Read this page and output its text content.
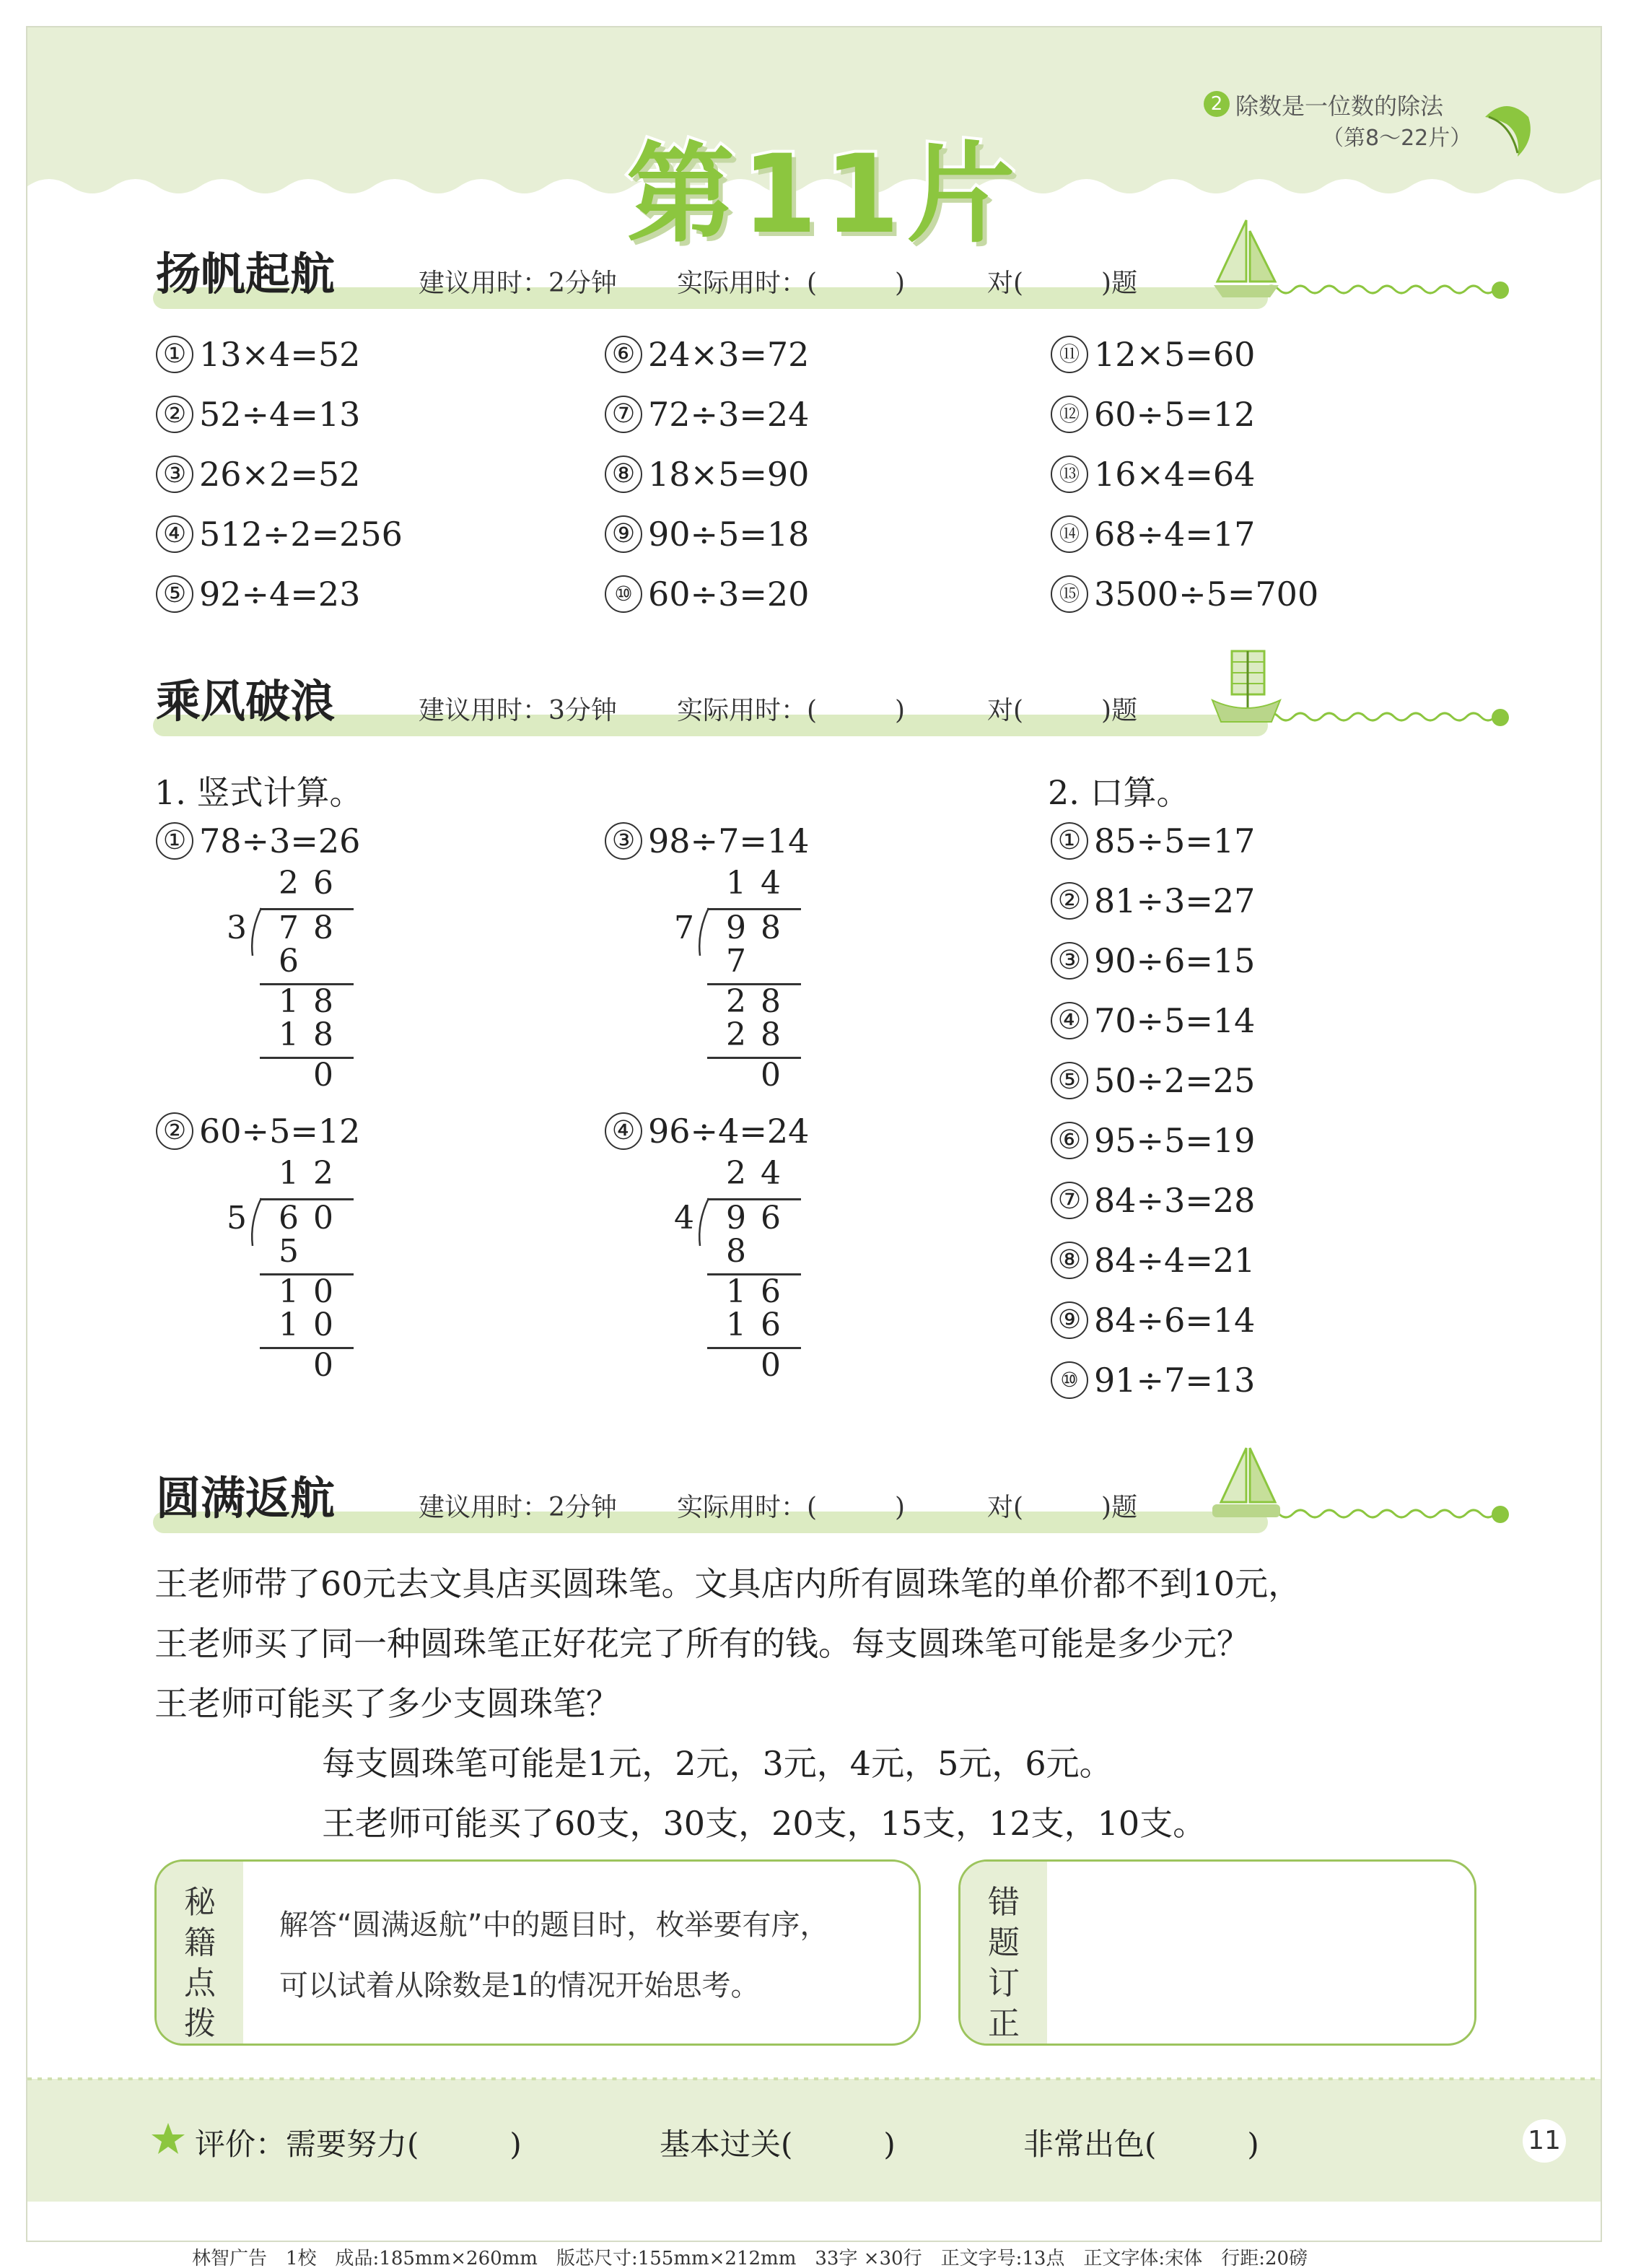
第11片
2 除数是一位数的除法
（第8～22片）
扬帆起航	建议用时：2分钟 实际用时：(　　　)	对(　　　)题
① 13×4=52
② 52÷4=13
③ 26×2=52
④ 512÷2=256
⑤ 92÷4=23
⑥ 24×3=72
⑦ 72÷3=24
⑧ 18×5=90
⑨ 90÷5=18
⑩ 60÷3=20
⑪ 12×5=60
⑫ 60÷5=12
⑬ 16×4=64
⑭ 68÷4=17
⑮ 3500÷5=700
乘风破浪	建议用时：3分钟 实际用时：(　　　)	对(　　　)题
1. 竖式计算。	2. 口算。
① 78÷3=26	③ 98÷7=14
② 60÷5=12	④ 96÷4=24
2 6
3 7 8
6
1 8
1 8
0
1 4
7 9 8
7
2 8
2 8
0
1 2
5 6 0
5
1 0
1 0
0
2 4
4 9 6
8
1 6
1 6
0
① 85÷5=17
② 81÷3=27
③ 90÷6=15
④ 70÷5=14
⑤ 50÷2=25
⑥ 95÷5=19
⑦ 84÷3=28
⑧ 84÷4=21
⑨ 84÷6=14
⑩ 91÷7=13
圆满返航	建议用时：2分钟 实际用时：(　　　)	对(　　　)题
王老师带了60元去文具店买圆珠笔。文具店内所有圆珠笔的单价都不到10元，
王老师买了同一种圆珠笔正好花完了所有的钱。每支圆珠笔可能是多少元？
王老师可能买了多少支圆珠笔？
每支圆珠笔可能是1元，2元，3元，4元，5元，6元。
王老师可能买了60支，30支，20支，15支，12支，10支。
秘
籍
点
拨
解答“圆满返航”中的题目时，枚举要有序，
可以试着从除数是1的情况开始思考。
错
题
订
正
评价：需要努力(　　　)	基本过关(　　　)	非常出色(　　　)	11
林智广告　1校　成品:185mm×260mm　版芯尺寸:155mm×212mm　33字 ×30行　正文字号:13点　正文字体:宋体　行距:20磅
